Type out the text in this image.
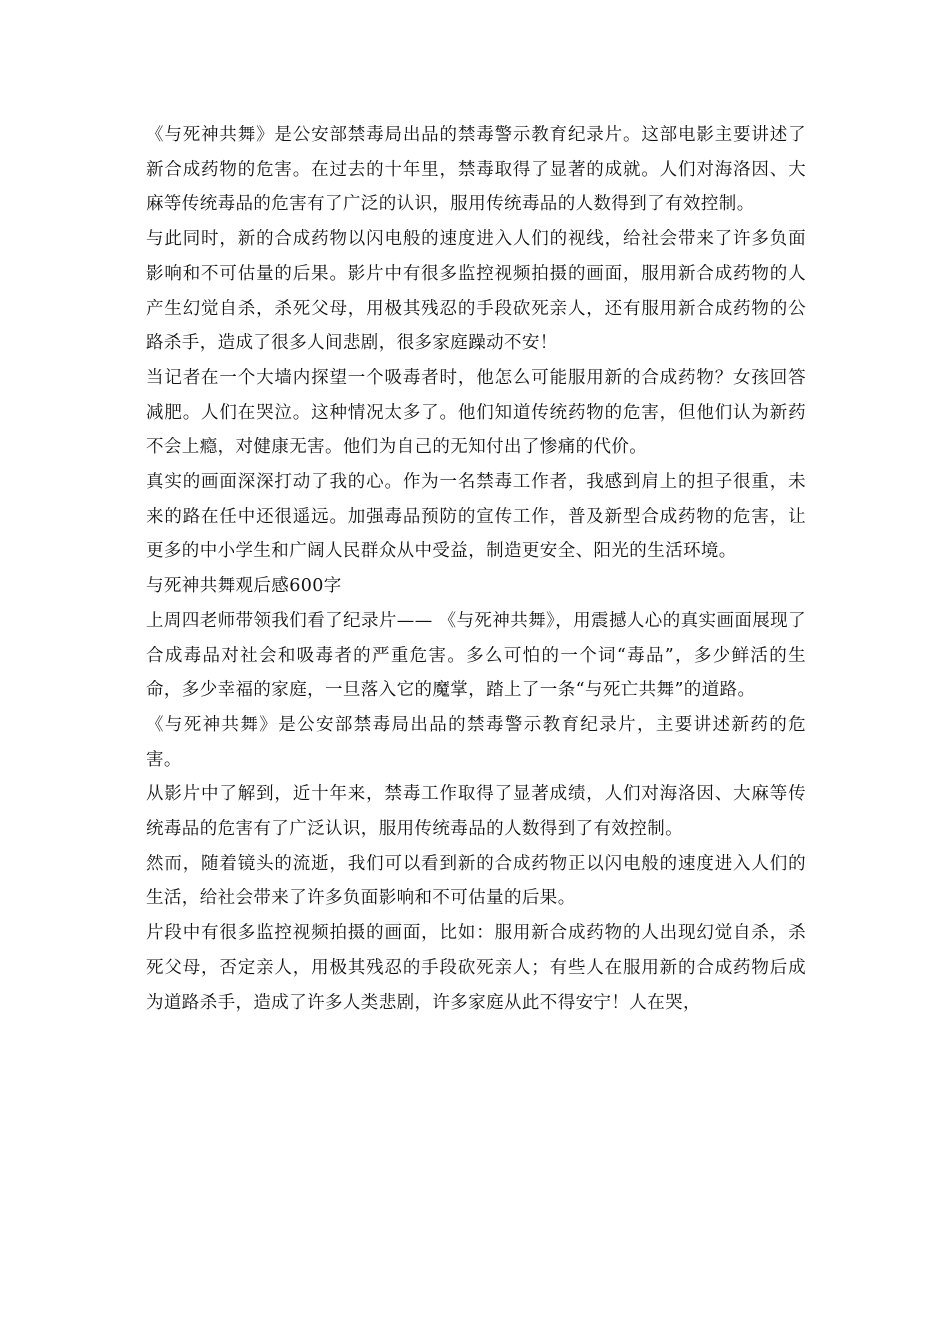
《与死神共舞》是公安部禁毒局出品的禁毒警示教育纪录片。这部电影主要讲述了新合成药物的危害。在过去的十年里，禁毒取得了显著的成就。人们对海洛因、大麻等传统毒品的危害有了广泛的认识，服用传统毒品的人数得到了有效控制。

与此同时，新的合成药物以闪电般的速度进入人们的视线，给社会带来了许多负面影响和不可估量的后果。影片中有很多监控视频拍摄的画面，服用新合成药物的人产生幻觉自杀，杀死父母，用极其残忍的手段砍死亲人，还有服用新合成药物的公路杀手，造成了很多人间悲剧，很多家庭躁动不安！

当记者在一个大墙内探望一个吸毒者时，他怎么可能服用新的合成药物？女孩回答减肥。人们在哭泣。这种情况太多了。他们知道传统药物的危害，但他们认为新药不会上瘾，对健康无害。他们为自己的无知付出了惨痛的代价。

真实的画面深深打动了我的心。作为一名禁毒工作者，我感到肩上的担子很重，未来的路在任中还很遥远。加强毒品预防的宣传工作，普及新型合成药物的危害，让更多的中小学生和广阔人民群众从中受益，制造更安全、阳光的生活环境。

与死神共舞观后感600字

上周四老师带领我们看了纪录片—— 《与死神共舞》，用震撼人心的真实画面展现了合成毒品对社会和吸毒者的严重危害。多么可怕的一个词“毒品”，多少鲜活的生命，多少幸福的家庭，一旦落入它的魔掌，踏上了一条“与死亡共舞”的道路。

《与死神共舞》是公安部禁毒局出品的禁毒警示教育纪录片，主要讲述新药的危害。

从影片中了解到，近十年来，禁毒工作取得了显著成绩，人们对海洛因、大麻等传统毒品的危害有了广泛认识，服用传统毒品的人数得到了有效控制。

然而，随着镜头的流逝，我们可以看到新的合成药物正以闪电般的速度进入人们的生活，给社会带来了许多负面影响和不可估量的后果。

片段中有很多监控视频拍摄的画面，比如：服用新合成药物的人出现幻觉自杀，杀死父母，否定亲人，用极其残忍的手段砍死亲人；有些人在服用新的合成药物后成为道路杀手，造成了许多人类悲剧，许多家庭从此不得安宁！人在哭，
